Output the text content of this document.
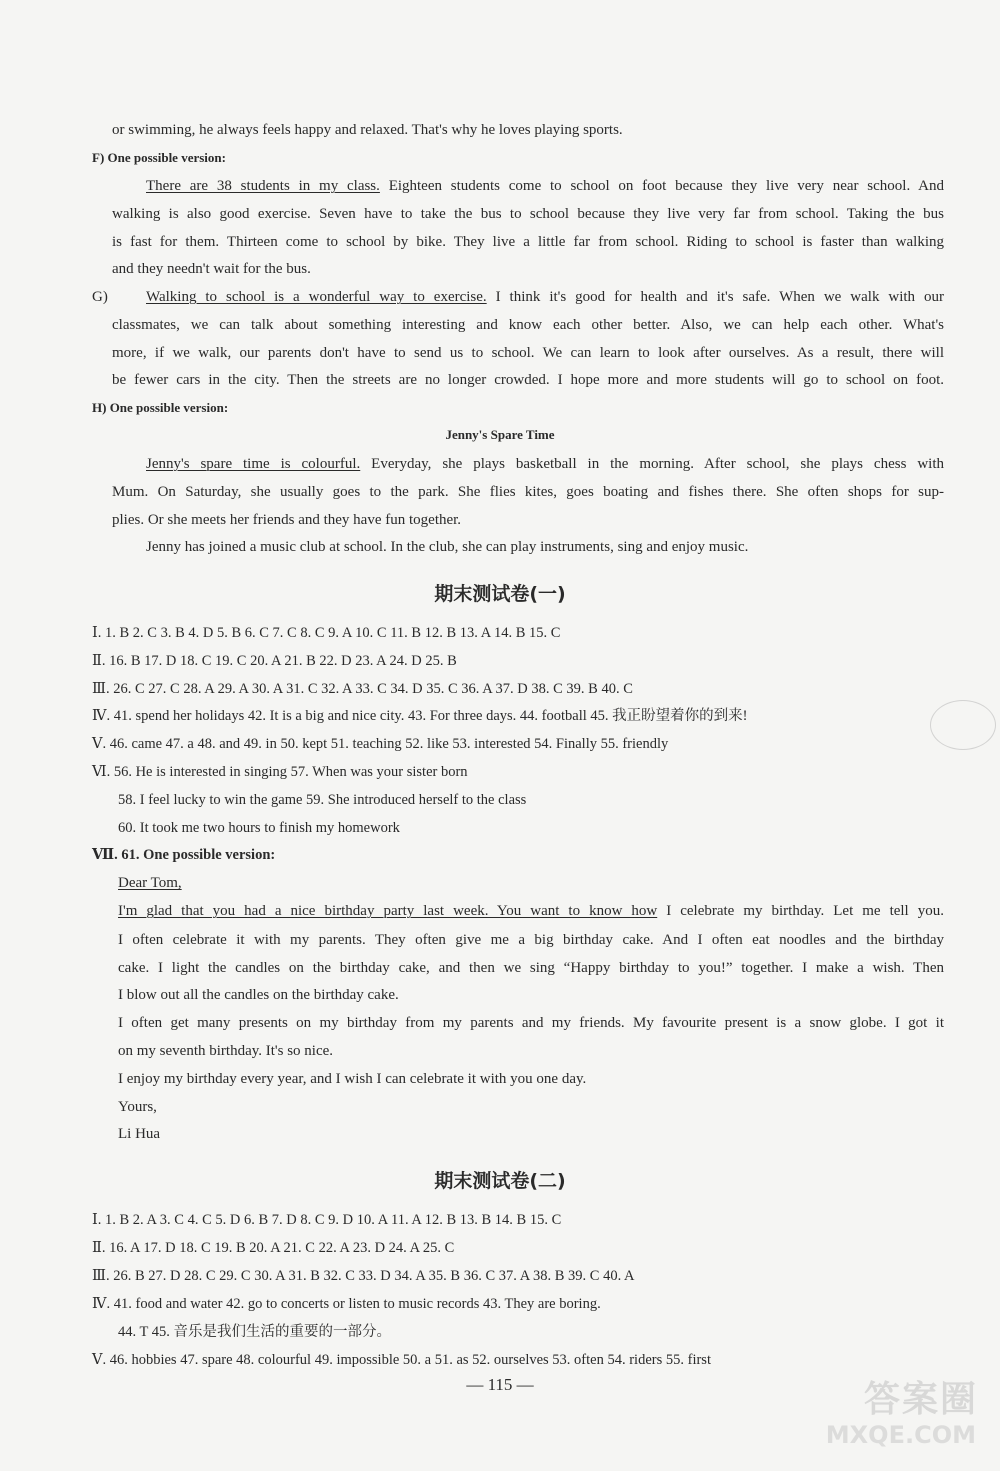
or swimming, he always feels happy and relaxed. That's why he loves playing sports.
F) One possible version:
There are 38 students in my class. Eighteen students come to school on foot because they live very near school. And
walking is also good exercise. Seven have to take the bus to school because they live very far from school. Taking the bus
is fast for them. Thirteen come to school by bike. They live a little far from school. Riding to school is faster than walking
and they needn't wait for the bus.
G)	Walking to school is a wonderful way to exercise. I think it's good for health and it's safe. When we walk with our
classmates, we can talk about something interesting and know each other better. Also, we can help each other. What's
more, if we walk, our parents don't have to send us to school. We can learn to look after ourselves. As a result, there will
be fewer cars in the city. Then the streets are no longer crowded. I hope more and more students will go to school on foot.
H) One possible version:
Jenny's Spare Time
Jenny's spare time is colourful. Everyday, she plays basketball in the morning. After school, she plays chess with
Mum. On Saturday, she usually goes to the park. She flies kites, goes boating and fishes there. She often shops for sup-
plies. Or she meets her friends and they have fun together.
Jenny has joined a music club at school. In the club, she can play instruments, sing and enjoy music.
期末测试卷(一)
Ⅰ. 1. B 2. C 3. B 4. D 5. B 6. C 7. C 8. C 9. A 10. C 11. B 12. B 13. A 14. B 15. C
Ⅱ. 16. B 17. D 18. C 19. C 20. A 21. B 22. D 23. A 24. D 25. B
Ⅲ. 26. C 27. C 28. A 29. A 30. A 31. C 32. A 33. C 34. D 35. C 36. A 37. D 38. C 39. B 40. C
Ⅳ. 41. spend her holidays 42. It is a big and nice city. 43. For three days. 44. football 45. 我正盼望着你的到来!
Ⅴ. 46. came 47. a 48. and 49. in 50. kept 51. teaching 52. like 53. interested 54. Finally 55. friendly
Ⅵ. 56. He is interested in singing 57. When was your sister born
58. I feel lucky to win the game 59. She introduced herself to the class
60. It took me two hours to finish my homework
Ⅶ. 61. One possible version:
Dear Tom,
I'm glad that you had a nice birthday party last week. You want to know how I celebrate my birthday. Let me tell you.
I often celebrate it with my parents. They often give me a big birthday cake. And I often eat noodles and the birthday
cake. I light the candles on the birthday cake, and then we sing “Happy birthday to you!” together. I make a wish. Then
I blow out all the candles on the birthday cake.
I often get many presents on my birthday from my parents and my friends. My favourite present is a snow globe. I got it
on my seventh birthday. It's so nice.
I enjoy my birthday every year, and I wish I can celebrate it with you one day.
Yours,
Li Hua
期末测试卷(二)
Ⅰ. 1. B 2. A 3. C 4. C 5. D 6. B 7. D 8. C 9. D 10. A 11. A 12. B 13. B 14. B 15. C
Ⅱ. 16. A 17. D 18. C 19. B 20. A 21. C 22. A 23. D 24. A 25. C
Ⅲ. 26. B 27. D 28. C 29. C 30. A 31. B 32. C 33. D 34. A 35. B 36. C 37. A 38. B 39. C 40. A
Ⅳ. 41. food and water 42. go to concerts or listen to music records 43. They are boring.
44. T 45. 音乐是我们生活的重要的一部分。
Ⅴ. 46. hobbies 47. spare 48. colourful 49. impossible 50. a 51. as 52. ourselves 53. often 54. riders 55. first
— 115 —	答案圈
MXQE.COM
